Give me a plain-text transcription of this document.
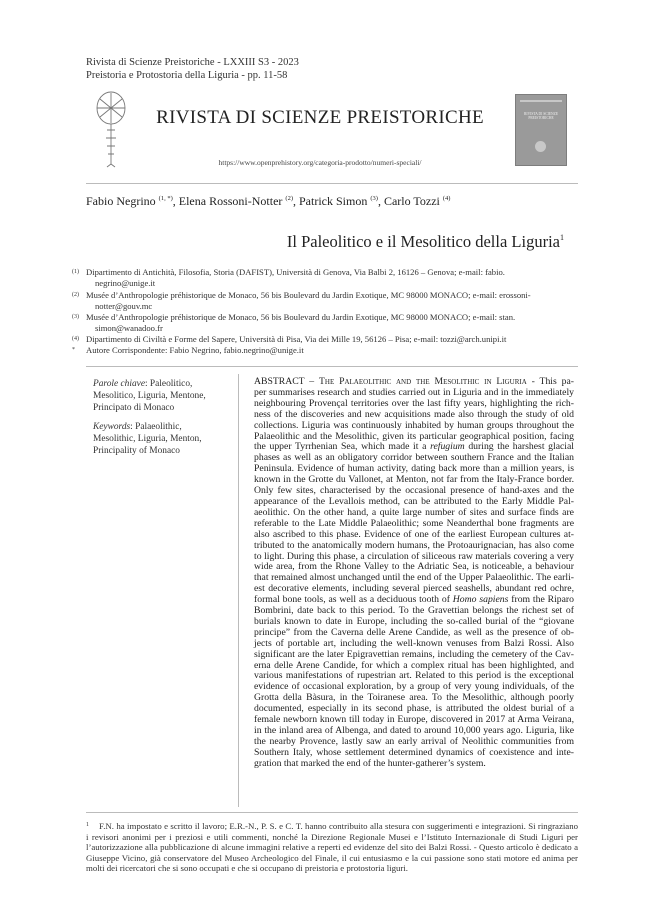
Rivista di Scienze Preistoriche - LXXIII S3 - 2023
Preistoria e Protostoria della Liguria - pp. 11-58
RIVISTA DI SCIENZE PREISTORICHE
https://www.openprehistory.org/categoria-prodotto/numeri-speciali/
RIVISTA DI SCIENZE PREISTORICHE
Fabio Negrino $^{(1, *)}$, Elena Rossoni-Notter $^{(2)}$, Patrick Simon $^{(3)}$, Carlo Tozzi $^{(4)}$
Il Paleolitico e il Mesolitico della Liguria$^1$
(1) Dipartimento di Antichità, Filosofia, Storia (DAFIST), Università di Genova, Via Balbi 2, 16126 – Genova; e-mail: fabio.
negrino@unige.it
(2) Musée d’Anthropologie préhistorique de Monaco, 56 bis Boulevard du Jardin Exotique, MC 98000 MONACO; e-mail: erossoni-
notter@gouv.mc
(3) Musée d’Anthropologie préhistorique de Monaco, 56 bis Boulevard du Jardin Exotique, MC 98000 MONACO; e-mail: stan.
simon@wanadoo.fr
(4) Dipartimento di Civiltà e Forme del Sapere, Università di Pisa, Via dei Mille 19, 56126 – Pisa; e-mail: tozzi@arch.unipi.it
* Autore Corrispondente: Fabio Negrino, fabio.negrino@unige.it

Parole chiave: Paleolitico, Mesolitico, Liguria, Mentone, Principato di Monaco

Keywords: Palaeolithic, Mesolithic, Liguria, Menton, Principality of Monaco

ABSTRACT – The Palaeolithic and the Mesolithic in Liguria - This pa-
per summarises research and studies carried out in Liguria and in the immediately
neighbouring Provençal territories over the last fifty years, highlighting the rich-
ness of the discoveries and new acquisitions made also through the study of old
collections. Liguria was continuously inhabited by human groups throughout the
Palaeolithic and the Mesolithic, given its particular geographical position, facing
the upper Tyrrhenian Sea, which made it a refugium during the harshest glacial
phases as well as an obligatory corridor between southern France and the Italian
Peninsula. Evidence of human activity, dating back more than a million years, is
known in the Grotte du Vallonet, at Menton, not far from the Italy-France border.
Only few sites, characterised by the occasional presence of hand-axes and the
appearance of the Levallois method, can be attributed to the Early Middle Pal-
aeolithic. On the other hand, a quite large number of sites and surface finds are
referable to the Late Middle Palaeolithic; some Neanderthal bone fragments are
also ascribed to this phase. Evidence of one of the earliest European cultures at-
tributed to the anatomically modern humans, the Protoaurignacian, has also come
to light. During this phase, a circulation of siliceous raw materials covering a very
wide area, from the Rhone Valley to the Adriatic Sea, is noticeable, a behaviour
that remained almost unchanged until the end of the Upper Palaeolithic. The earli-
est decorative elements, including several pierced seashells, abundant red ochre,
formal bone tools, as well as a deciduous tooth of Homo sapiens from the Riparo
Bombrini, date back to this period. To the Gravettian belongs the richest set of
burials known to date in Europe, including the so-called burial of the “giovane
principe” from the Caverna delle Arene Candide, as well as the presence of ob-
jects of portable art, including the well-known venuses from Balzi Rossi. Also
significant are the later Epigravettian remains, including the cemetery of the Cav-
erna delle Arene Candide, for which a complex ritual has been highlighted, and
various manifestations of rupestrian art. Related to this period is the exceptional
evidence of occasional exploration, by a group of very young individuals, of the
Grotta della Bàsura, in the Toiranese area. To the Mesolithic, although poorly
documented, especially in its second phase, is attributed the oldest burial of a
female newborn known till today in Europe, discovered in 2017 at Arma Veirana,
in the inland area of Albenga, and dated to around 10,000 years ago. Liguria, like
the nearby Provence, lastly saw an early arrival of Neolithic communities from
Southern Italy, whose settlement determined dynamics of coexistence and inte-
gration that marked the end of the hunter-gatherer’s system.
$^1$ F.N. ha impostato e scritto il lavoro; E.R.-N., P. S. e C. T. hanno contribuito alla stesura con suggerimenti e integrazioni. Si ringraziano i revisori anonimi per i preziosi e utili commenti, nonché la Direzione Regionale Musei e l’Istituto Internazionale di Studi Liguri per l’autorizzazione alla pubblicazione di alcune immagini relative a reperti ed evidenze del sito dei Balzi Rossi. - Questo articolo è dedicato a Giuseppe Vicino, già conservatore del Museo Archeologico del Finale, il cui entusiasmo e la cui passione sono stati motore ed anima per molti dei ricercatori che si sono occupati e che si occupano di preistoria e protostoria liguri.
